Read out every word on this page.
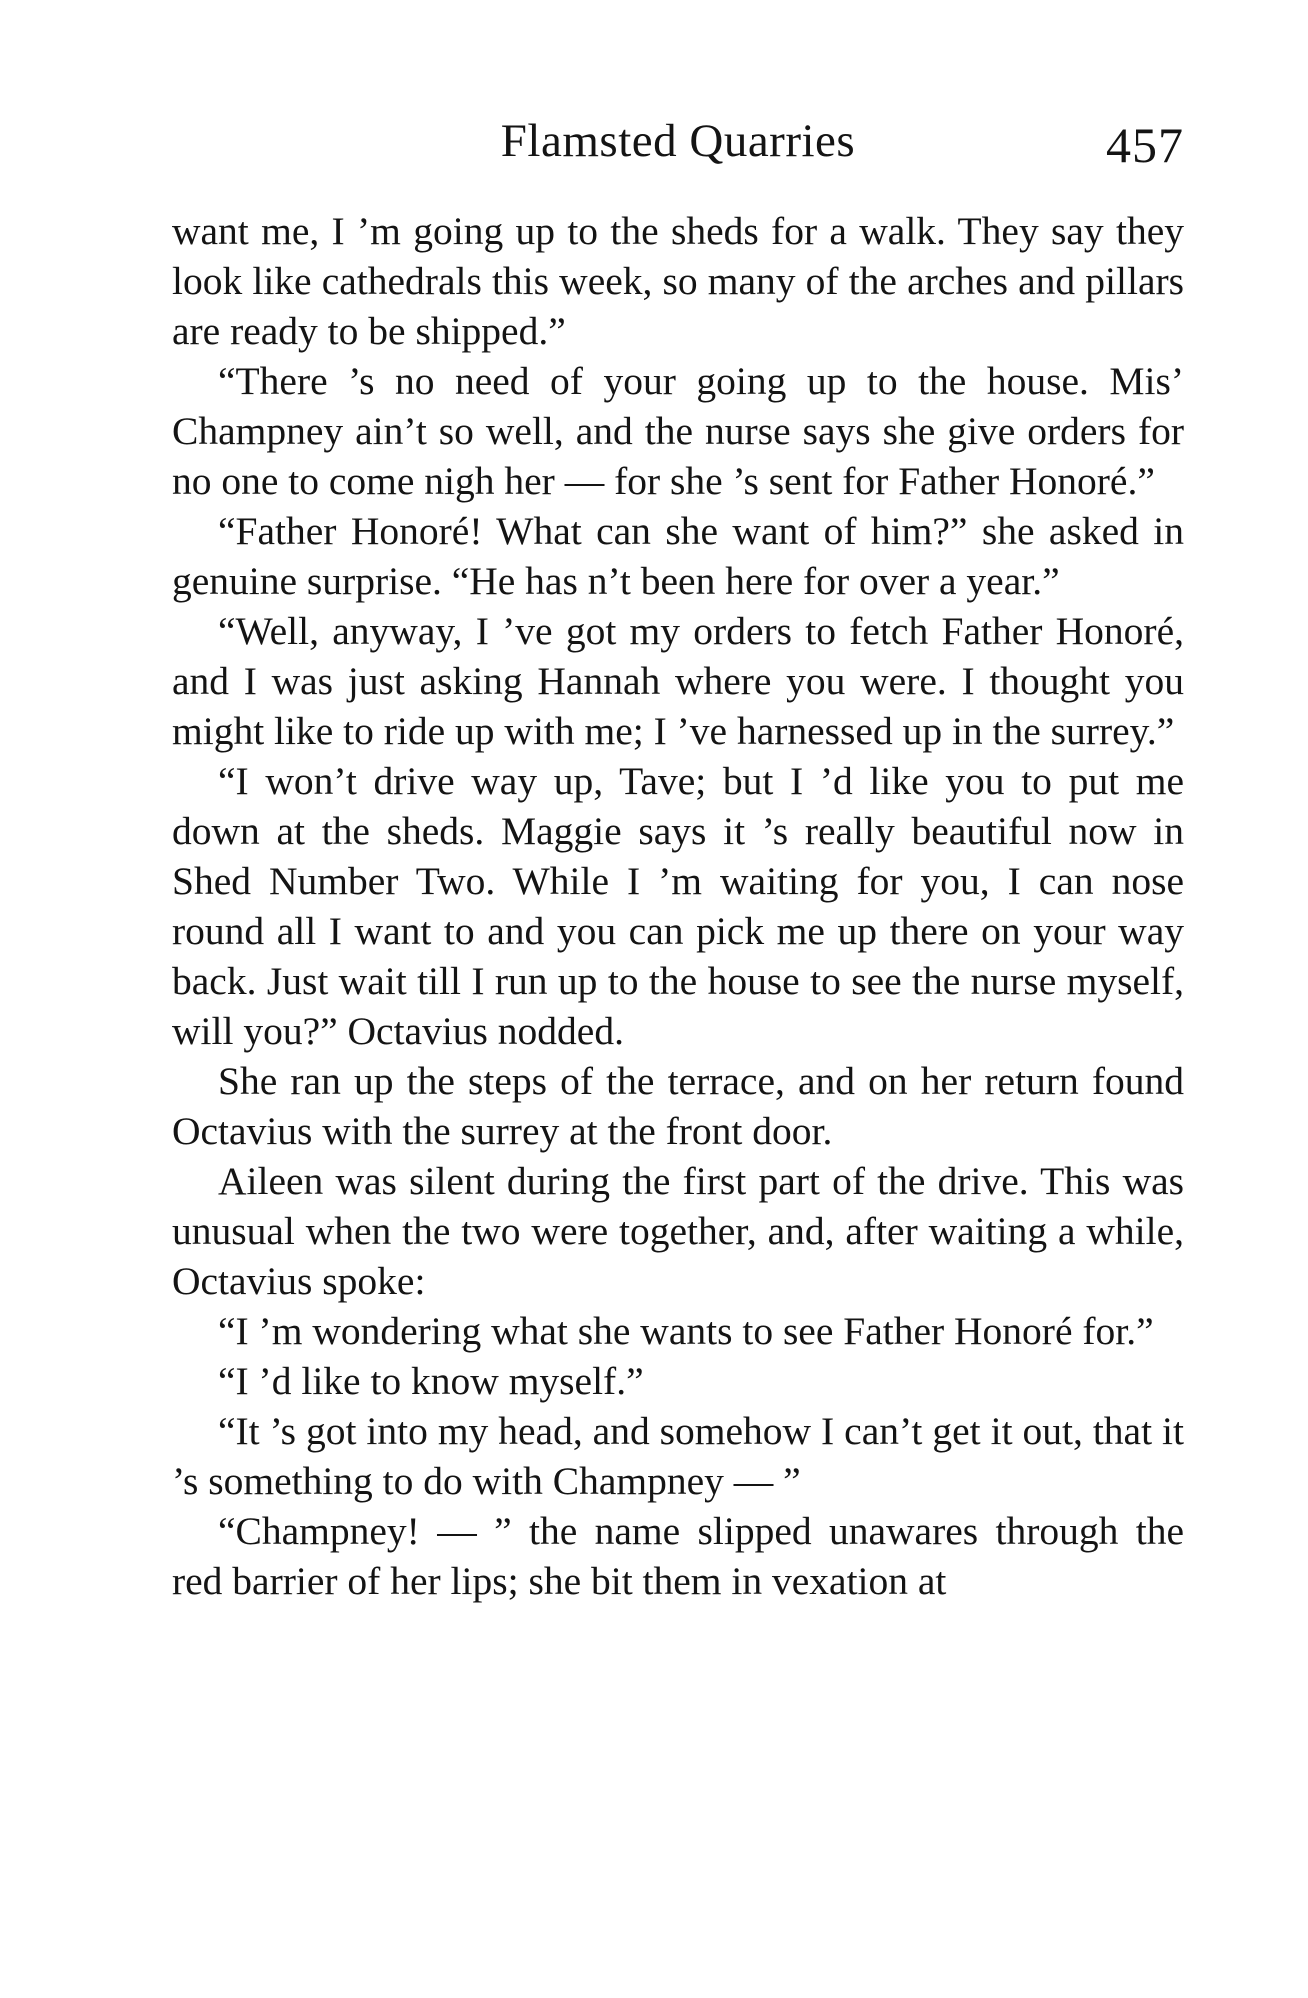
Flamsted Quarries	457

want me, I ’m going up to the sheds for a walk. They say they look like cathedrals this week, so many of the arches and pillars are ready to be shipped.”

“There ’s no need of your going up to the house. Mis’ Champney ain’t so well, and the nurse says she give orders for no one to come nigh her — for she ’s sent for Father Honoré.”

“Father Honoré! What can she want of him?” she asked in genuine surprise. “He has n’t been here for over a year.”

“Well, anyway, I ’ve got my orders to fetch Father Honoré, and I was just asking Hannah where you were. I thought you might like to ride up with me; I ’ve harnessed up in the surrey.”

“I won’t drive way up, Tave; but I ’d like you to put me down at the sheds. Maggie says it ’s really beautiful now in Shed Number Two. While I ’m waiting for you, I can nose round all I want to and you can pick me up there on your way back. Just wait till I run up to the house to see the nurse myself, will you?” Octavius nodded.

She ran up the steps of the terrace, and on her return found Octavius with the surrey at the front door.

Aileen was silent during the first part of the drive. This was unusual when the two were together, and, after waiting a while, Octavius spoke:

“I ’m wondering what she wants to see Father Honoré for.”

“I ’d like to know myself.”

“It ’s got into my head, and somehow I can’t get it out, that it ’s something to do with Champney — ”

“Champney! — ” the name slipped unawares through the red barrier of her lips; she bit them in vexation at
